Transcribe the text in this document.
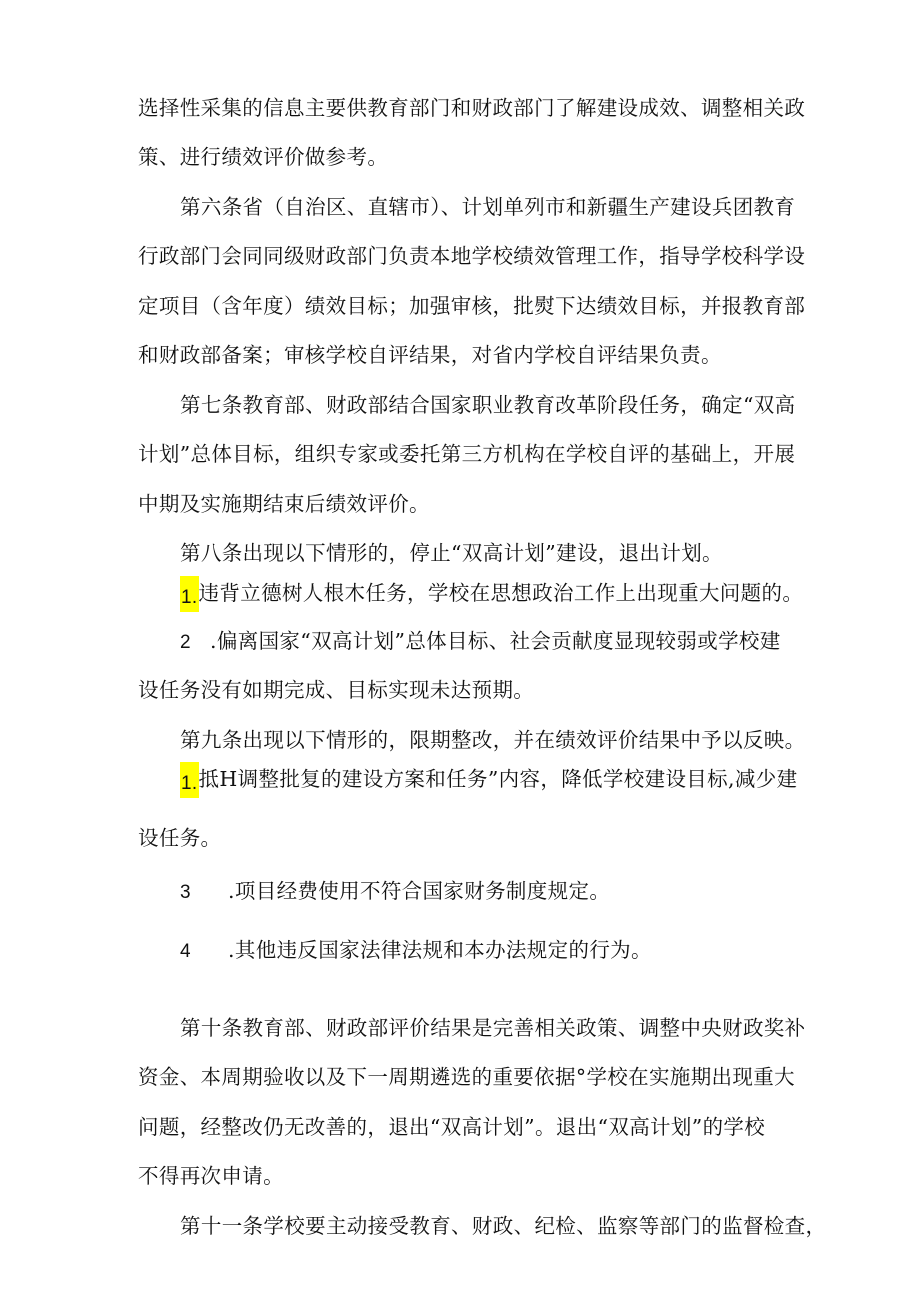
选择性采集的信息主要供教育部门和财政部门了解建设成效、调整相关政
策、进行绩效评价做参考。
第六条省（自治区、直辖市）、计划单列市和新疆生产建设兵团教育
行政部门会同同级财政部门负责本地学校绩效管理工作，指导学校科学设
定项目（含年度）绩效目标；加强审核，批熨下达绩效目标，并报教育部
和财政部备案；审核学校自评结果，对省内学校自评结果负责。
第七条教育部、财政部结合国家职业教育改革阶段任务，确定“双高
计划”总体目标，组织专家或委托第三方机构在学校自评的基础上，开展
中期及实施期结束后绩效评价。
第八条出现以下情形的，停止“双高计划”建设，退出计划。
1.违背立德树人根木任务，学校在思想政治工作上出现重大问题的。
2 .偏离国家“双高计划”总体目标、社会贡献度显现较弱或学校建
设任务没有如期完成、目标实现未达预期。
第九条出现以下情形的，限期整改，并在绩效评价结果中予以反映。
1.抵H调整批复的建设方案和任务”内容，降低学校建设目标,减少建
设任务。
3 .项目经费使用不符合国家财务制度规定。
4 .其他违反国家法律法规和本办法规定的行为。
第十条教育部、财政部评价结果是完善相关政策、调整中央财政奖补
资金、本周期验收以及下一周期遴选的重要依据°学校在实施期出现重大
问题，经整改仍无改善的，退出“双高计划”。退出“双高计划”的学校
不得再次申请。
第十一条学校要主动接受教育、财政、纪检、监察等部门的监督检查，
